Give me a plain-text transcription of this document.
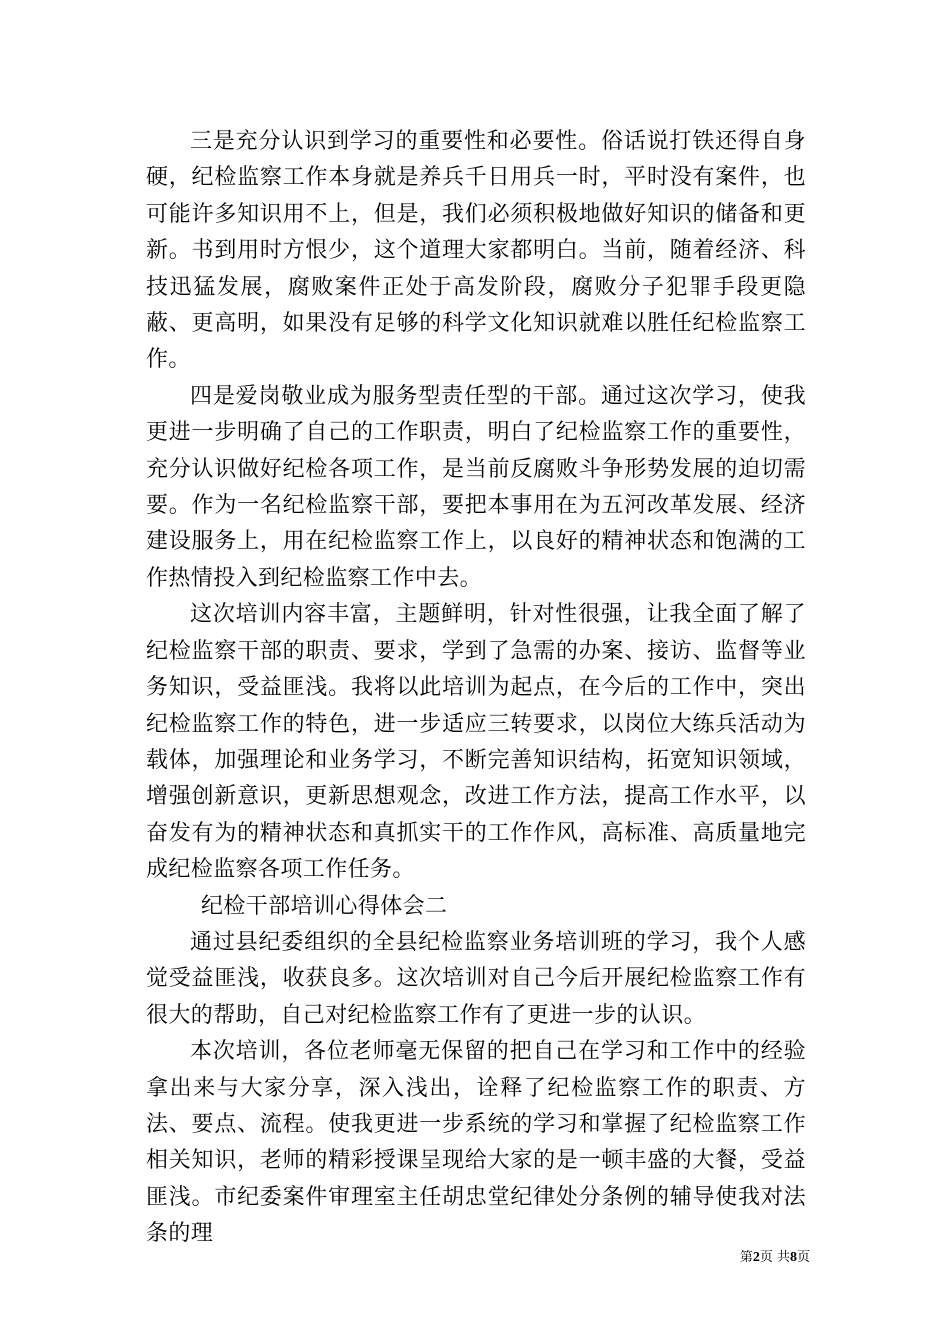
三是充分认识到学习的重要性和必要性。俗话说打铁还得自身硬，纪检监察工作本身就是养兵千日用兵一时，平时没有案件，也可能许多知识用不上，但是，我们必须积极地做好知识的储备和更新。书到用时方恨少，这个道理大家都明白。当前，随着经济、科技迅猛发展，腐败案件正处于高发阶段，腐败分子犯罪手段更隐蔽、更高明，如果没有足够的科学文化知识就难以胜任纪检监察工作。

四是爱岗敬业成为服务型责任型的干部。通过这次学习，使我更进一步明确了自己的工作职责，明白了纪检监察工作的重要性，充分认识做好纪检各项工作，是当前反腐败斗争形势发展的迫切需要。作为一名纪检监察干部，要把本事用在为五河改革发展、经济建设服务上，用在纪检监察工作上，以良好的精神状态和饱满的工作热情投入到纪检监察工作中去。

这次培训内容丰富，主题鲜明，针对性很强，让我全面了解了纪检监察干部的职责、要求，学到了急需的办案、接访、监督等业务知识，受益匪浅。我将以此培训为起点，在今后的工作中，突出纪检监察工作的特色，进一步适应三转要求，以岗位大练兵活动为载体，加强理论和业务学习，不断完善知识结构，拓宽知识领域，增强创新意识，更新思想观念，改进工作方法，提高工作水平，以奋发有为的精神状态和真抓实干的工作作风，高标准、高质量地完成纪检监察各项工作任务。

纪检干部培训心得体会二

通过县纪委组织的全县纪检监察业务培训班的学习，我个人感觉受益匪浅，收获良多。这次培训对自己今后开展纪检监察工作有很大的帮助，自己对纪检监察工作有了更进一步的认识。

本次培训，各位老师毫无保留的把自己在学习和工作中的经验拿出来与大家分享，深入浅出，诠释了纪检监察工作的职责、方法、要点、流程。使我更进一步系统的学习和掌握了纪检监察工作相关知识，老师的精彩授课呈现给大家的是一顿丰盛的大餐，受益匪浅。市纪委案件审理室主任胡忠堂纪律处分条例的辅导使我对法条的理

第2页 共8页
